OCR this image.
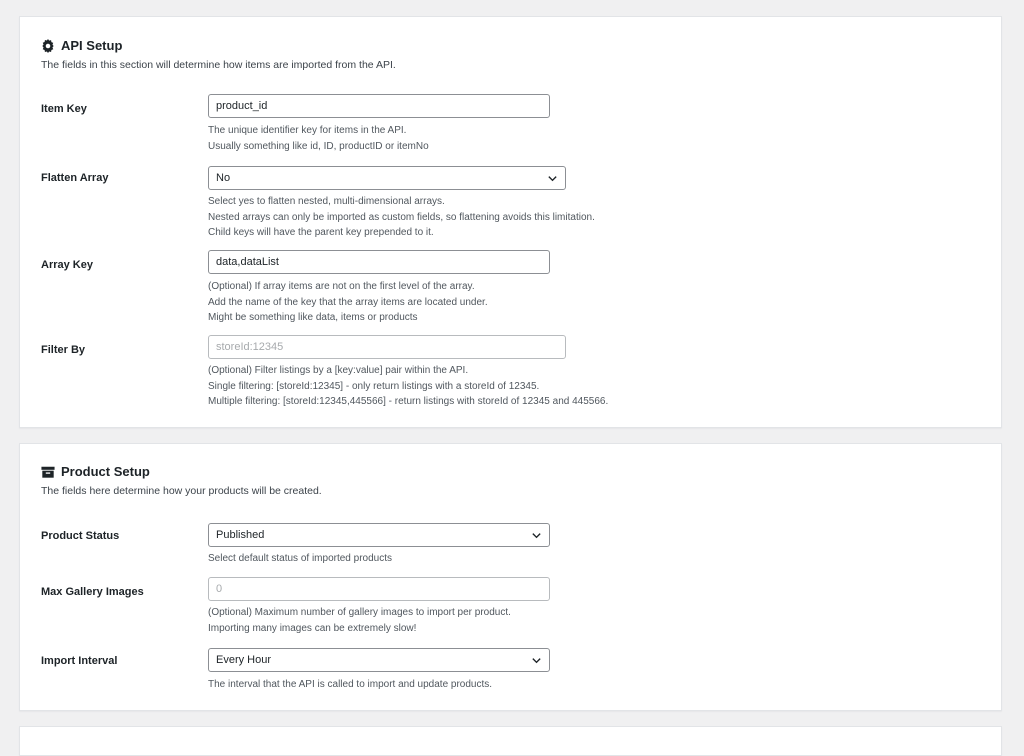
API Setup
The fields in this section will determine how items are imported from the API.
Item Key	product_id
The unique identifier key for items in the API.
Usually something like id, ID, productID or itemNo
Flatten Array	No
Select yes to flatten nested, multi-dimensional arrays.
Nested arrays can only be imported as custom fields, so flattening avoids this limitation.
Child keys will have the parent key prepended to it.
Array Key	data,dataList
(Optional) If array items are not on the first level of the array.
Add the name of the key that the array items are located under.
Might be something like data, items or products
Filter By	storeId:12345
(Optional) Filter listings by a [key:value] pair within the API.
Single filtering: [storeId:12345] - only return listings with a storeId of 12345.
Multiple filtering: [storeId:12345,445566] - return listings with storeId of 12345 and 445566.
Product Setup
The fields here determine how your products will be created.
Product Status	Published
Select default status of imported products
Max Gallery Images	0
(Optional) Maximum number of gallery images to import per product.
Importing many images can be extremely slow!
Import Interval	Every Hour
The interval that the API is called to import and update products.
